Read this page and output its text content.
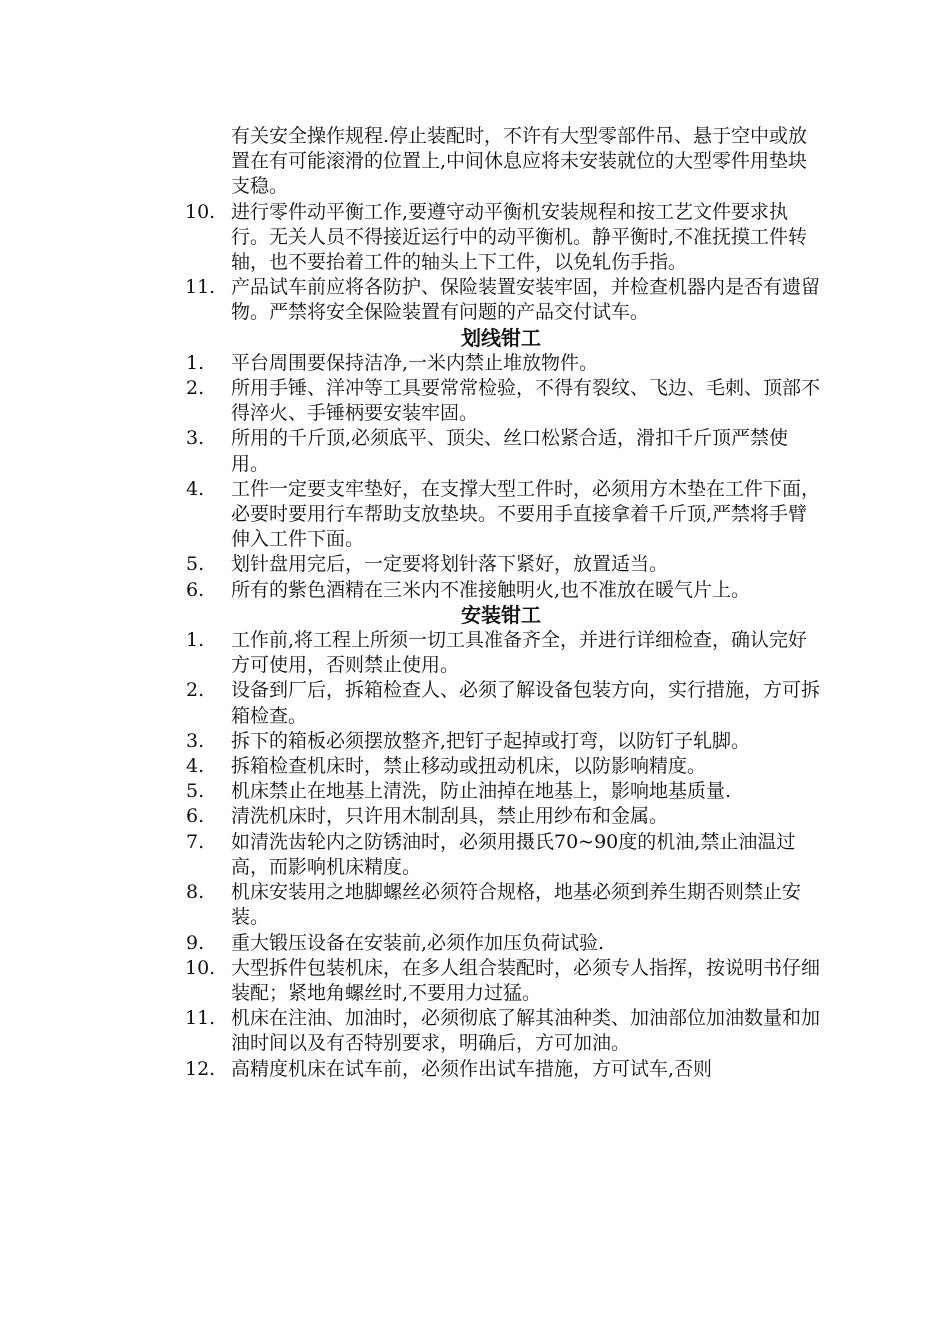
有关安全操作规程.停止装配时，不许有大型零部件吊、悬于空中或放置在有可能滚滑的位置上,中间休息应将未安装就位的大型零件用垫块支稳。
10. 进行零件动平衡工作,要遵守动平衡机安装规程和按工艺文件要求执行。无关人员不得接近运行中的动平衡机。静平衡时,不准抚摸工件转轴，也不要抬着工件的轴头上下工件，以免轧伤手指。
11. 产品试车前应将各防护、保险装置安装牢固，并检查机器内是否有遗留物。严禁将安全保险装置有问题的产品交付试车。
划线钳工
1.	平台周围要保持洁净,一米内禁止堆放物件。
2.	所用手锤、洋冲等工具要常常检验，不得有裂纹、飞边、毛刺、顶部不得淬火、手锤柄要安装牢固。
3.	所用的千斤顶,必须底平、顶尖、丝口松紧合适，滑扣千斤顶严禁使用。
4.	工件一定要支牢垫好，在支撑大型工件时，必须用方木垫在工件下面，必要时要用行车帮助支放垫块。不要用手直接拿着千斤顶,严禁将手臂伸入工件下面。
5.	划针盘用完后，一定要将划针落下紧好，放置适当。
6.	所有的紫色酒精在三米内不准接触明火,也不准放在暖气片上。
安装钳工
1.	工作前,将工程上所须一切工具准备齐全，并进行详细检查，确认完好方可使用，否则禁止使用。
2.	设备到厂后，拆箱检查人、必须了解设备包装方向，实行措施，方可拆箱检查。
3.	拆下的箱板必须摆放整齐,把钉子起掉或打弯，以防钉子轧脚。
4.	拆箱检查机床时，禁止移动或扭动机床，以防影响精度。
5.	机床禁止在地基上清洗，防止油掉在地基上，影响地基质量.
6.	清洗机床时，只许用木制刮具，禁止用纱布和金属。
7.	如清洗齿轮内之防锈油时，必须用摄氏70~90度的机油,禁止油温过高，而影响机床精度。
8.	机床安装用之地脚螺丝必须符合规格，地基必须到养生期否则禁止安装。
9.	重大锻压设备在安装前,必须作加压负荷试验.
10. 大型拆件包装机床，在多人组合装配时，必须专人指挥，按说明书仔细装配；紧地角螺丝时,不要用力过猛。
11. 机床在注油、加油时，必须彻底了解其油种类、加油部位加油数量和加油时间以及有否特别要求，明确后，方可加油。
12. 高精度机床在试车前，必须作出试车措施，方可试车,否则
